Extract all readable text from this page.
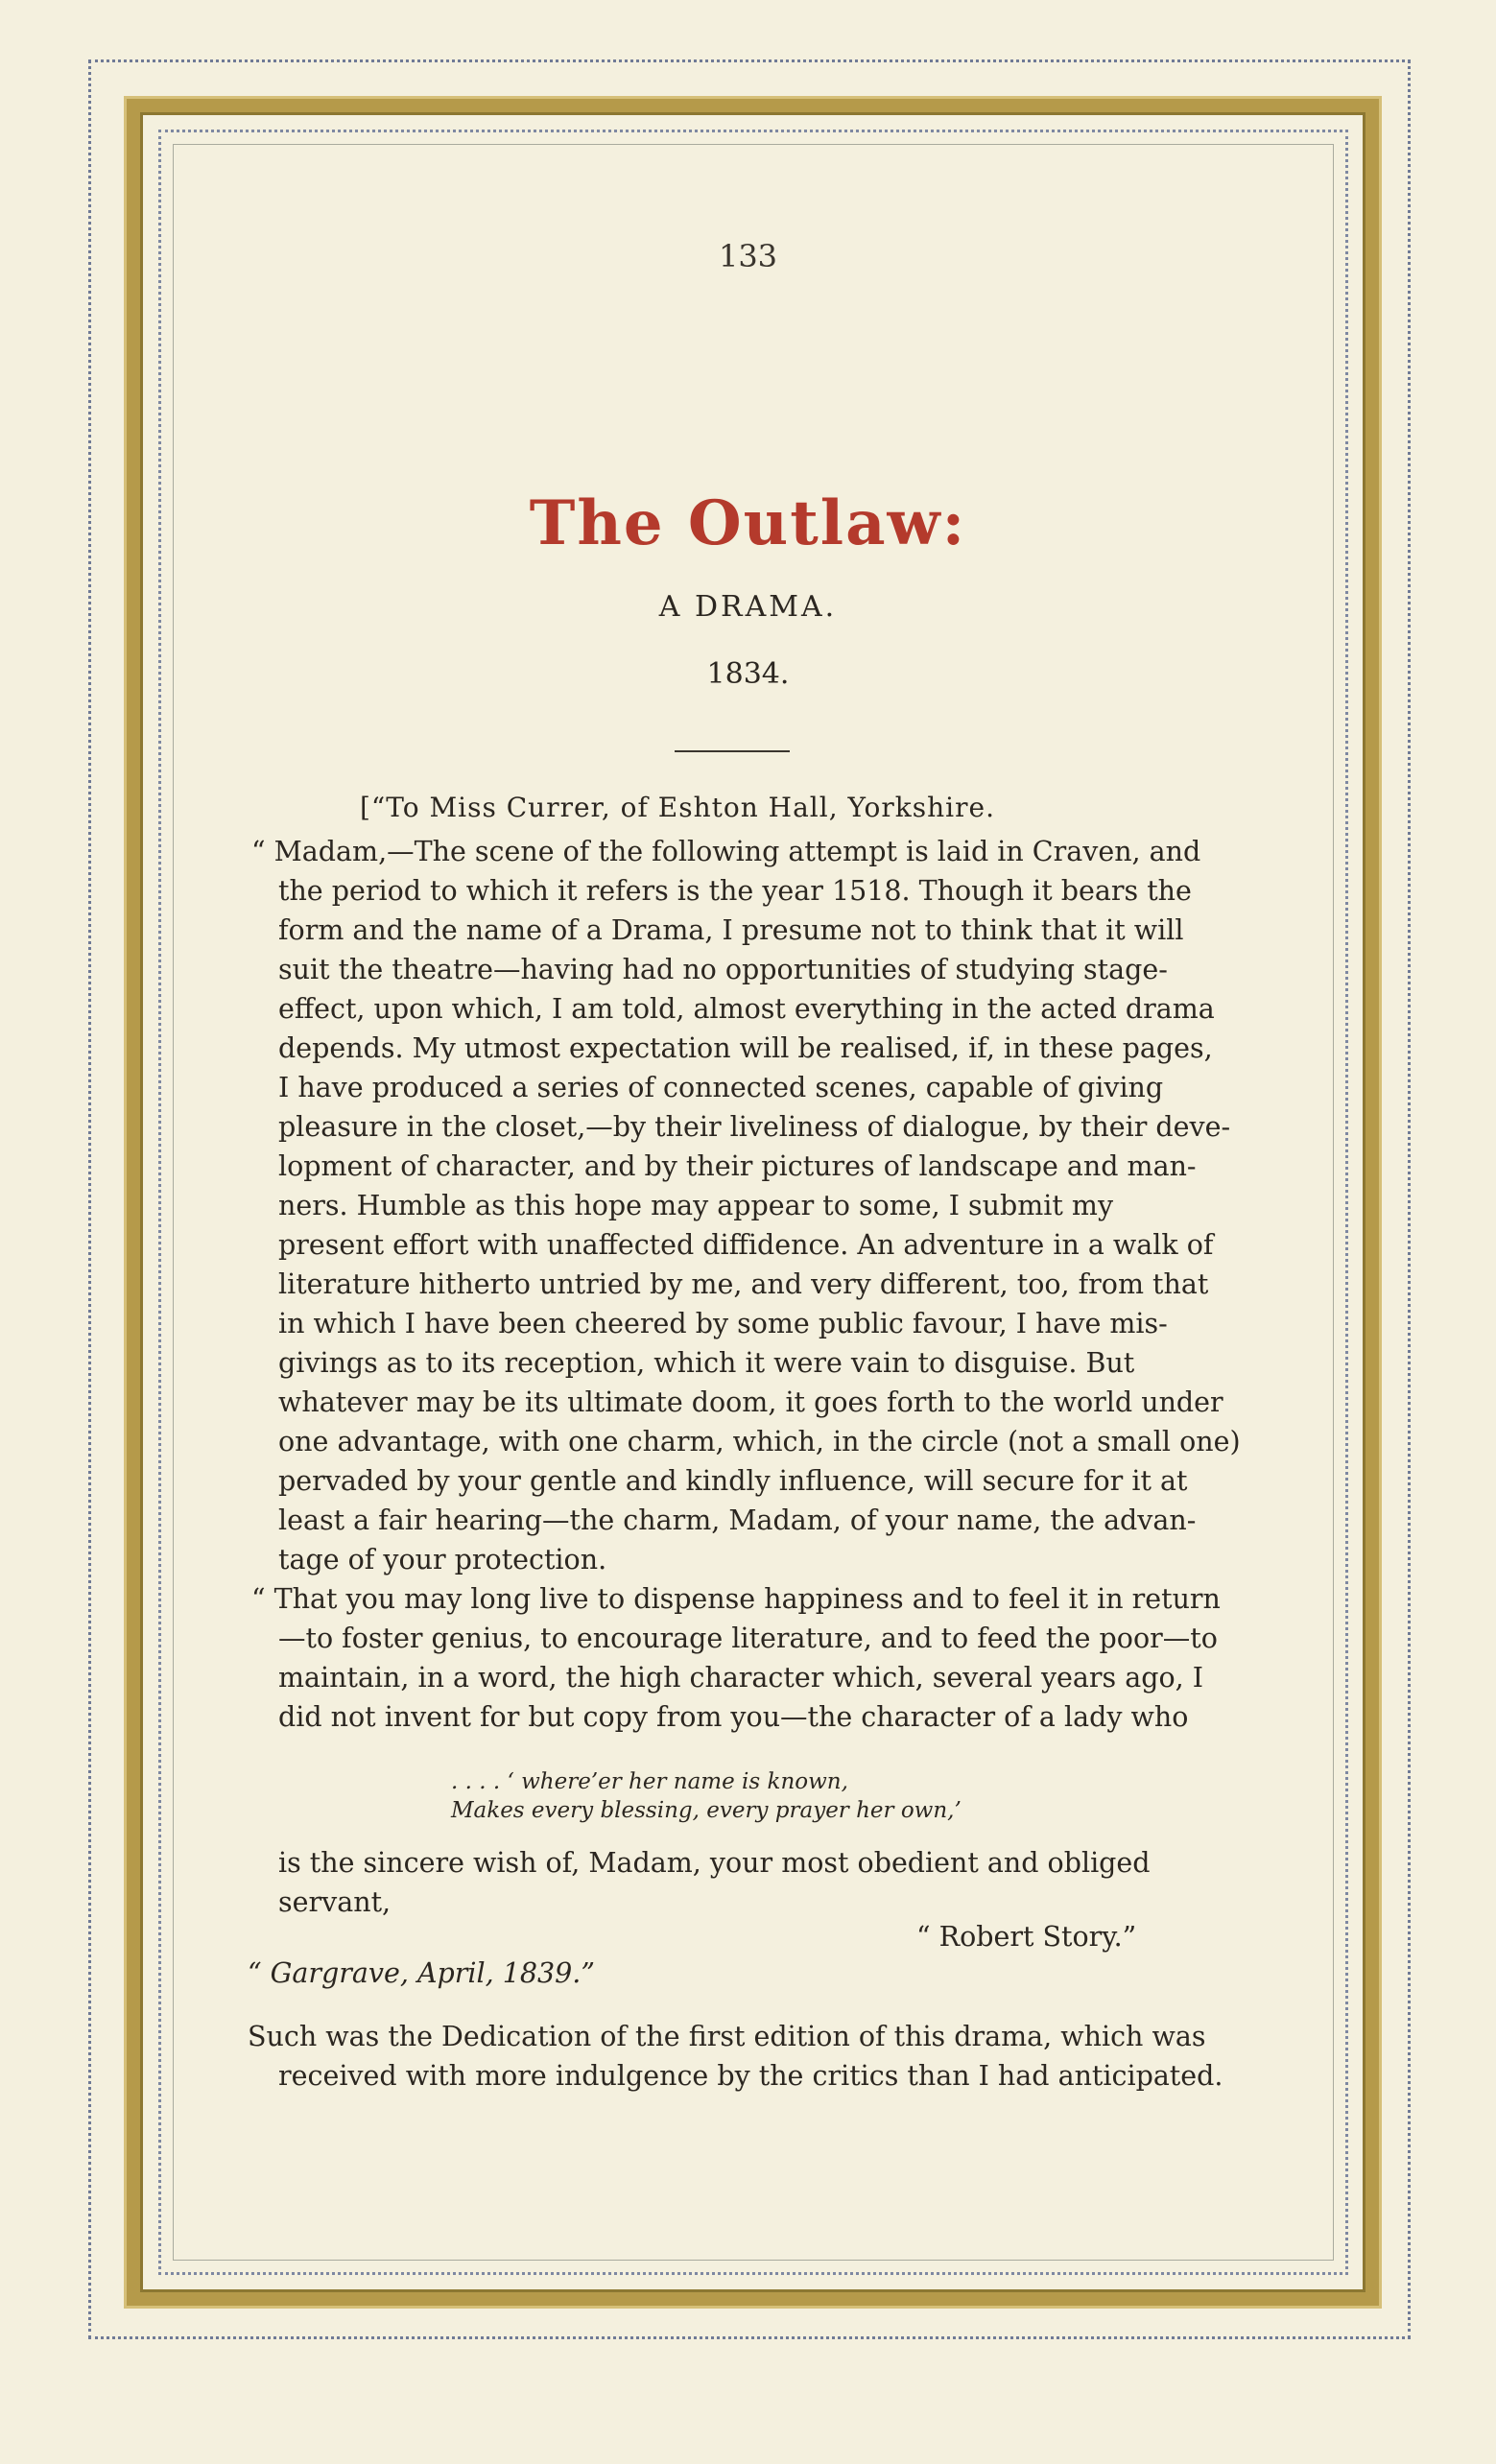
133

The Outlaw:

A DRAMA.

1834.

[“To Miss Currer, of Eshton Hall, Yorkshire.

“ Madam,—The scene of the following attempt is laid in Craven, and

the period to which it refers is the year 1518. Though it bears the

form and the name of a Drama, I presume not to think that it will

suit the theatre—having had no opportunities of studying stage-

effect, upon which, I am told, almost everything in the acted drama

depends. My utmost expectation will be realised, if, in these pages,

I have produced a series of connected scenes, capable of giving

pleasure in the closet,—by their liveliness of dialogue, by their deve-

lopment of character, and by their pictures of landscape and man-

ners. Humble as this hope may appear to some, I submit my

present effort with unaffected diffidence. An adventure in a walk of

literature hitherto untried by me, and very different, too, from that

in which I have been cheered by some public favour, I have mis-

givings as to its reception, which it were vain to disguise. But

whatever may be its ultimate doom, it goes forth to the world under

one advantage, with one charm, which, in the circle (not a small one)

pervaded by your gentle and kindly influence, will secure for it at

least a fair hearing—the charm, Madam, of your name, the advan-

tage of your protection.

“ That you may long live to dispense happiness and to feel it in return

—to foster genius, to encourage literature, and to feed the poor—to

maintain, in a word, the high character which, several years ago, I

did not invent for but copy from you—the character of a lady who

. . . . ‘ where’er her name is known,

Makes every blessing, every prayer her own,’

is the sincere wish of, Madam, your most obedient and obliged

servant,

“ Robert Story.”

“ Gargrave, April, 1839.”

Such was the Dedication of the first edition of this drama, which was

received with more indulgence by the critics than I had anticipated.
